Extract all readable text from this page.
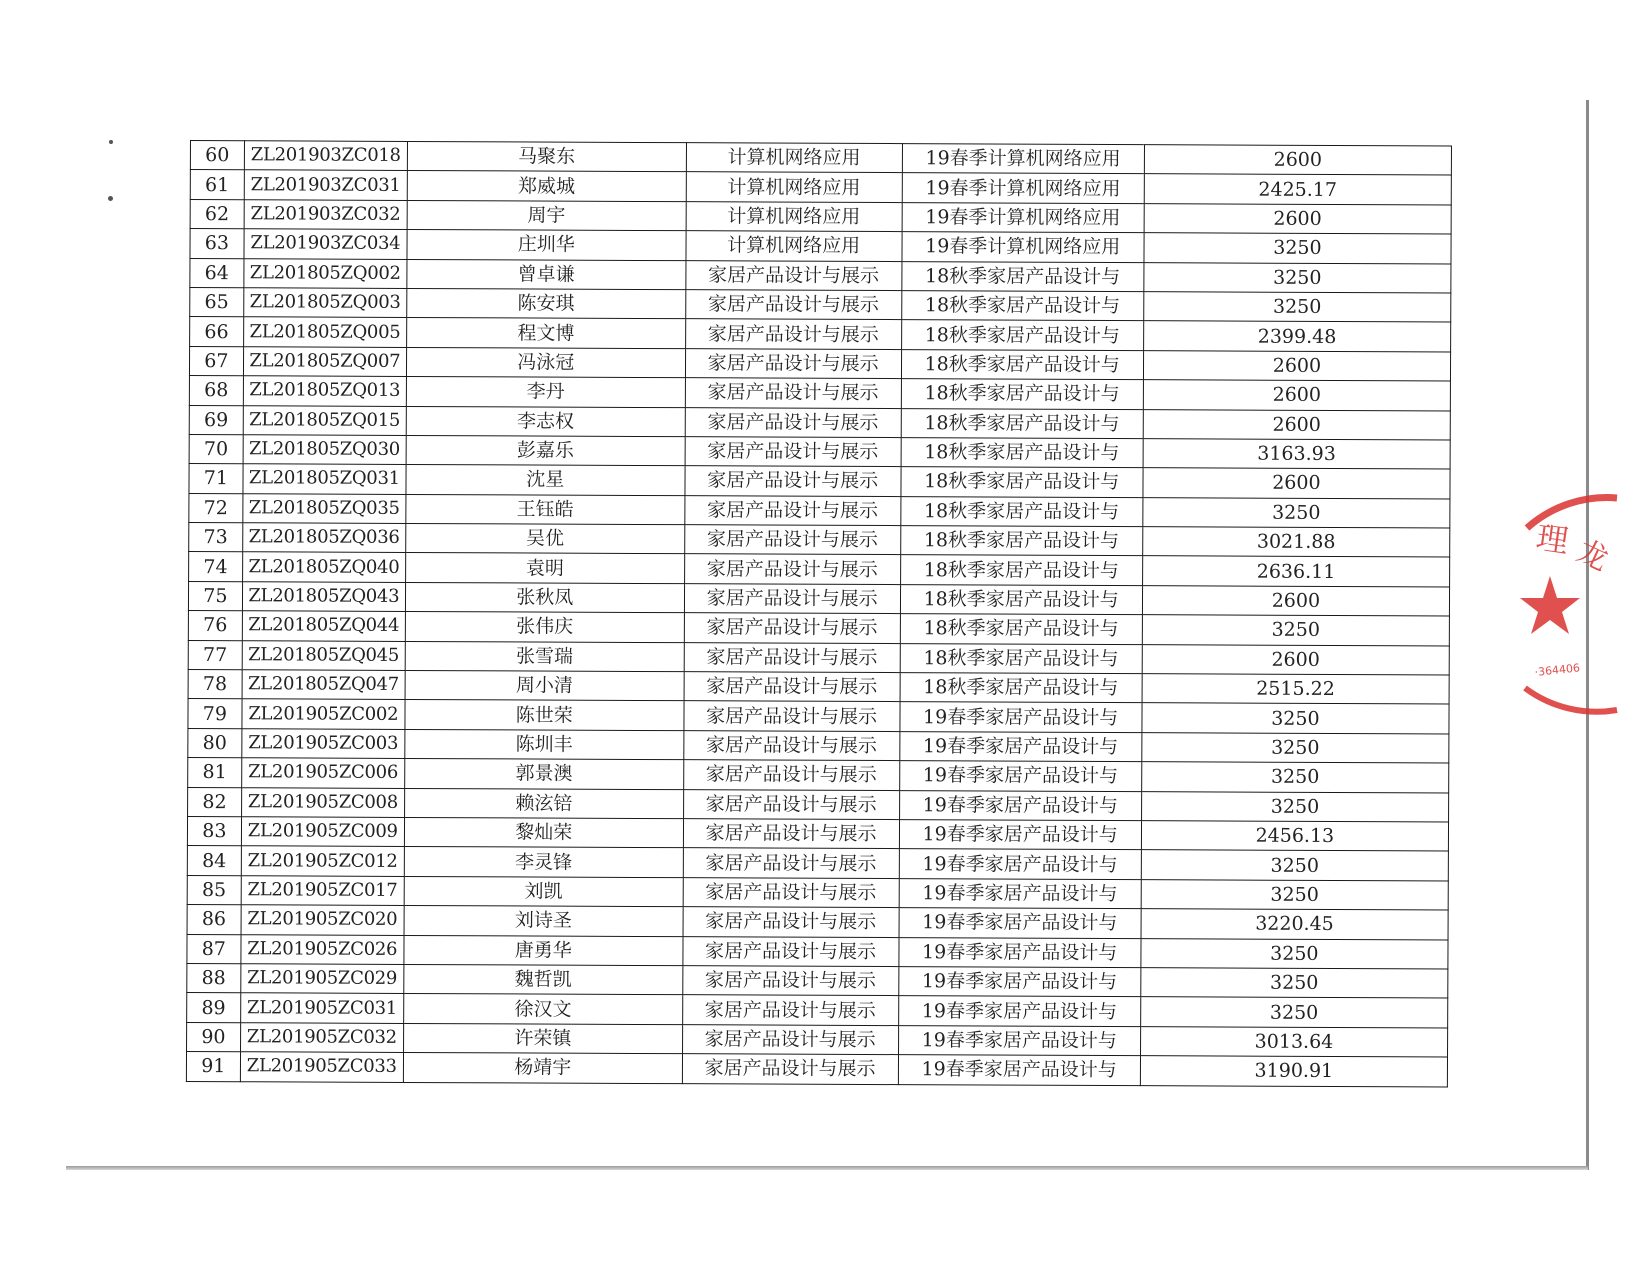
60	ZL201903ZC018	马聚东	计算机网络应用	19春季计算机网络应用	2600
61	ZL201903ZC031	郑威城	计算机网络应用	19春季计算机网络应用	2425.17
62	ZL201903ZC032	周宇	计算机网络应用	19春季计算机网络应用	2600
63	ZL201903ZC034	庄圳华	计算机网络应用	19春季计算机网络应用	3250
64	ZL201805ZQ002	曾卓谦	家居产品设计与展示	18秋季家居产品设计与	3250
65	ZL201805ZQ003	陈安琪	家居产品设计与展示	18秋季家居产品设计与	3250
66	ZL201805ZQ005	程文博	家居产品设计与展示	18秋季家居产品设计与	2399.48
67	ZL201805ZQ007	冯泳冠	家居产品设计与展示	18秋季家居产品设计与	2600
68	ZL201805ZQ013	李丹	家居产品设计与展示	18秋季家居产品设计与	2600
69	ZL201805ZQ015	李志权	家居产品设计与展示	18秋季家居产品设计与	2600
70	ZL201805ZQ030	彭嘉乐	家居产品设计与展示	18秋季家居产品设计与	3163.93
71	ZL201805ZQ031	沈星	家居产品设计与展示	18秋季家居产品设计与	2600
72	ZL201805ZQ035	王钰皓	家居产品设计与展示	18秋季家居产品设计与	3250
73	ZL201805ZQ036	吴优	家居产品设计与展示	18秋季家居产品设计与	3021.88
74	ZL201805ZQ040	袁明	家居产品设计与展示	18秋季家居产品设计与	2636.11
75	ZL201805ZQ043	张秋凤	家居产品设计与展示	18秋季家居产品设计与	2600
76	ZL201805ZQ044	张伟庆	家居产品设计与展示	18秋季家居产品设计与	3250
77	ZL201805ZQ045	张雪瑞	家居产品设计与展示	18秋季家居产品设计与	2600
78	ZL201805ZQ047	周小清	家居产品设计与展示	18秋季家居产品设计与	2515.22
79	ZL201905ZC002	陈世荣	家居产品设计与展示	19春季家居产品设计与	3250
80	ZL201905ZC003	陈圳丰	家居产品设计与展示	19春季家居产品设计与	3250
81	ZL201905ZC006	郭景澳	家居产品设计与展示	19春季家居产品设计与	3250
82	ZL201905ZC008	赖泫锫	家居产品设计与展示	19春季家居产品设计与	3250
83	ZL201905ZC009	黎灿荣	家居产品设计与展示	19春季家居产品设计与	2456.13
84	ZL201905ZC012	李灵锋	家居产品设计与展示	19春季家居产品设计与	3250
85	ZL201905ZC017	刘凯	家居产品设计与展示	19春季家居产品设计与	3250
86	ZL201905ZC020	刘诗圣	家居产品设计与展示	19春季家居产品设计与	3220.45
87	ZL201905ZC026	唐勇华	家居产品设计与展示	19春季家居产品设计与	3250
88	ZL201905ZC029	魏哲凯	家居产品设计与展示	19春季家居产品设计与	3250
89	ZL201905ZC031	徐汉文	家居产品设计与展示	19春季家居产品设计与	3250
90	ZL201905ZC032	许荣镇	家居产品设计与展示	19春季家居产品设计与	3013.64
91	ZL201905ZC033	杨靖宇	家居产品设计与展示	19春季家居产品设计与	3190.91
理 龙
·364406
